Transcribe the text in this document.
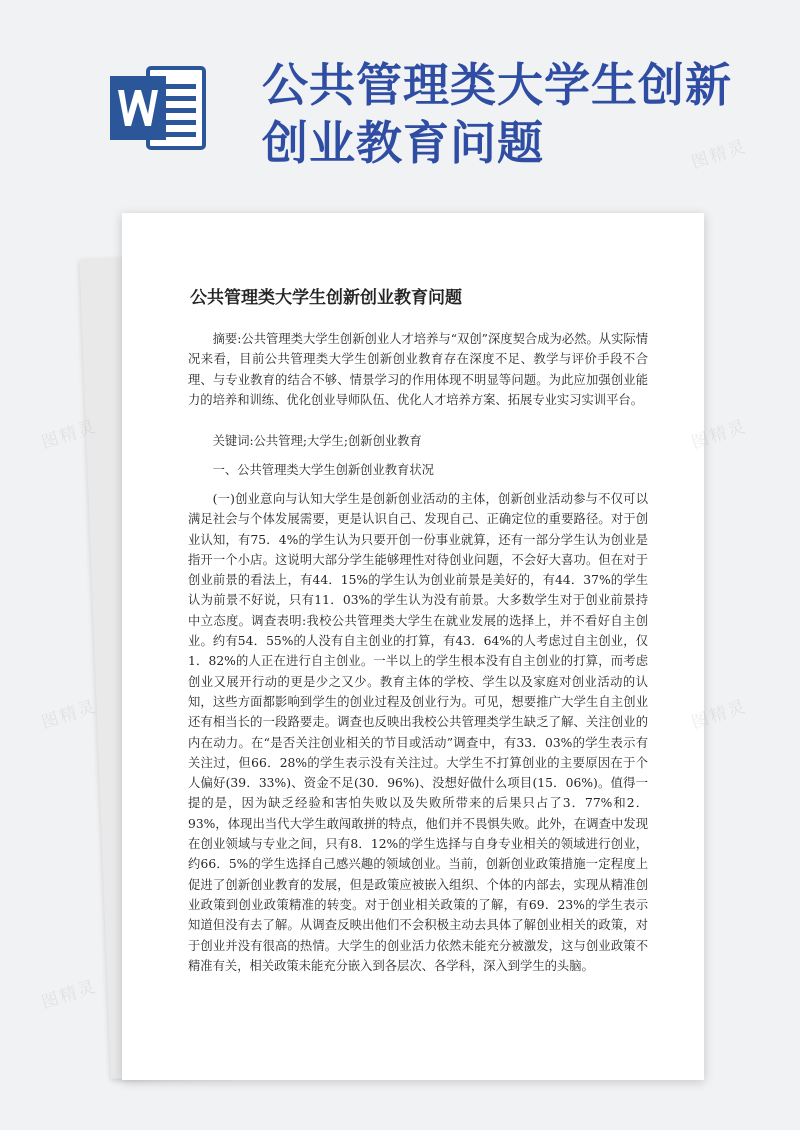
公共管理类大学生创新创业教育问题
公共管理类大学生创新创业教育问题

摘要:公共管理类大学生创新创业人才培养与“双创”深度契合成为必然。从实际情况来看，目前公共管理类大学生创新创业教育存在深度不足、教学与评价手段不合理、与专业教育的结合不够、情景学习的作用体现不明显等问题。为此应加强创业能力的培养和训练、优化创业导师队伍、优化人才培养方案、拓展专业实习实训平台。

关键词:公共管理;大学生;创新创业教育

一、公共管理类大学生创新创业教育状况

(一)创业意向与认知大学生是创新创业活动的主体，创新创业活动参与不仅可以满足社会与个体发展需要，更是认识自己、发现自己、正确定位的重要路径。对于创业认知，有75．4%的学生认为只要开创一份事业就算，还有一部分学生认为创业是指开一个小店。这说明大部分学生能够理性对待创业问题，不会好大喜功。但在对于创业前景的看法上，有44．15%的学生认为创业前景是美好的，有44．37%的学生认为前景不好说，只有11．03%的学生认为没有前景。大多数学生对于创业前景持中立态度。调查表明:我校公共管理类大学生在就业发展的选择上，并不看好自主创业。约有54．55%的人没有自主创业的打算，有43．64%的人考虑过自主创业，仅1．82%的人正在进行自主创业。一半以上的学生根本没有自主创业的打算，而考虑创业又展开行动的更是少之又少。教育主体的学校、学生以及家庭对创业活动的认知，这些方面都影响到学生的创业过程及创业行为。可见，想要推广大学生自主创业还有相当长的一段路要走。调查也反映出我校公共管理类学生缺乏了解、关注创业的内在动力。在“是否关注创业相关的节目或活动”调查中，有33．03%的学生表示有关注过，但66．28%的学生表示没有关注过。大学生不打算创业的主要原因在于个人偏好(39．33%)、资金不足(30．96%)、没想好做什么项目(15．06%)。值得一提的是，因为缺乏经验和害怕失败以及失败所带来的后果只占了3．77%和2．93%，体现出当代大学生敢闯敢拼的特点，他们并不畏惧失败。此外，在调查中发现在创业领域与专业之间，只有8．12%的学生选择与自身专业相关的领域进行创业，约66．5%的学生选择自己感兴趣的领域创业。当前，创新创业政策措施一定程度上促进了创新创业教育的发展，但是政策应被嵌入组织、个体的内部去，实现从精准创业政策到创业政策精准的转变。对于创业相关政策的了解，有69．23%的学生表示知道但没有去了解。从调查反映出他们不会积极主动去具体了解创业相关的政策，对于创业并没有很高的热情。大学生的创业活力依然未能充分被激发，这与创业政策不精准有关，相关政策未能充分嵌入到各层次、各学科，深入到学生的头脑。

图精灵
图精灵	图精灵
图精灵	图精灵
图精灵
